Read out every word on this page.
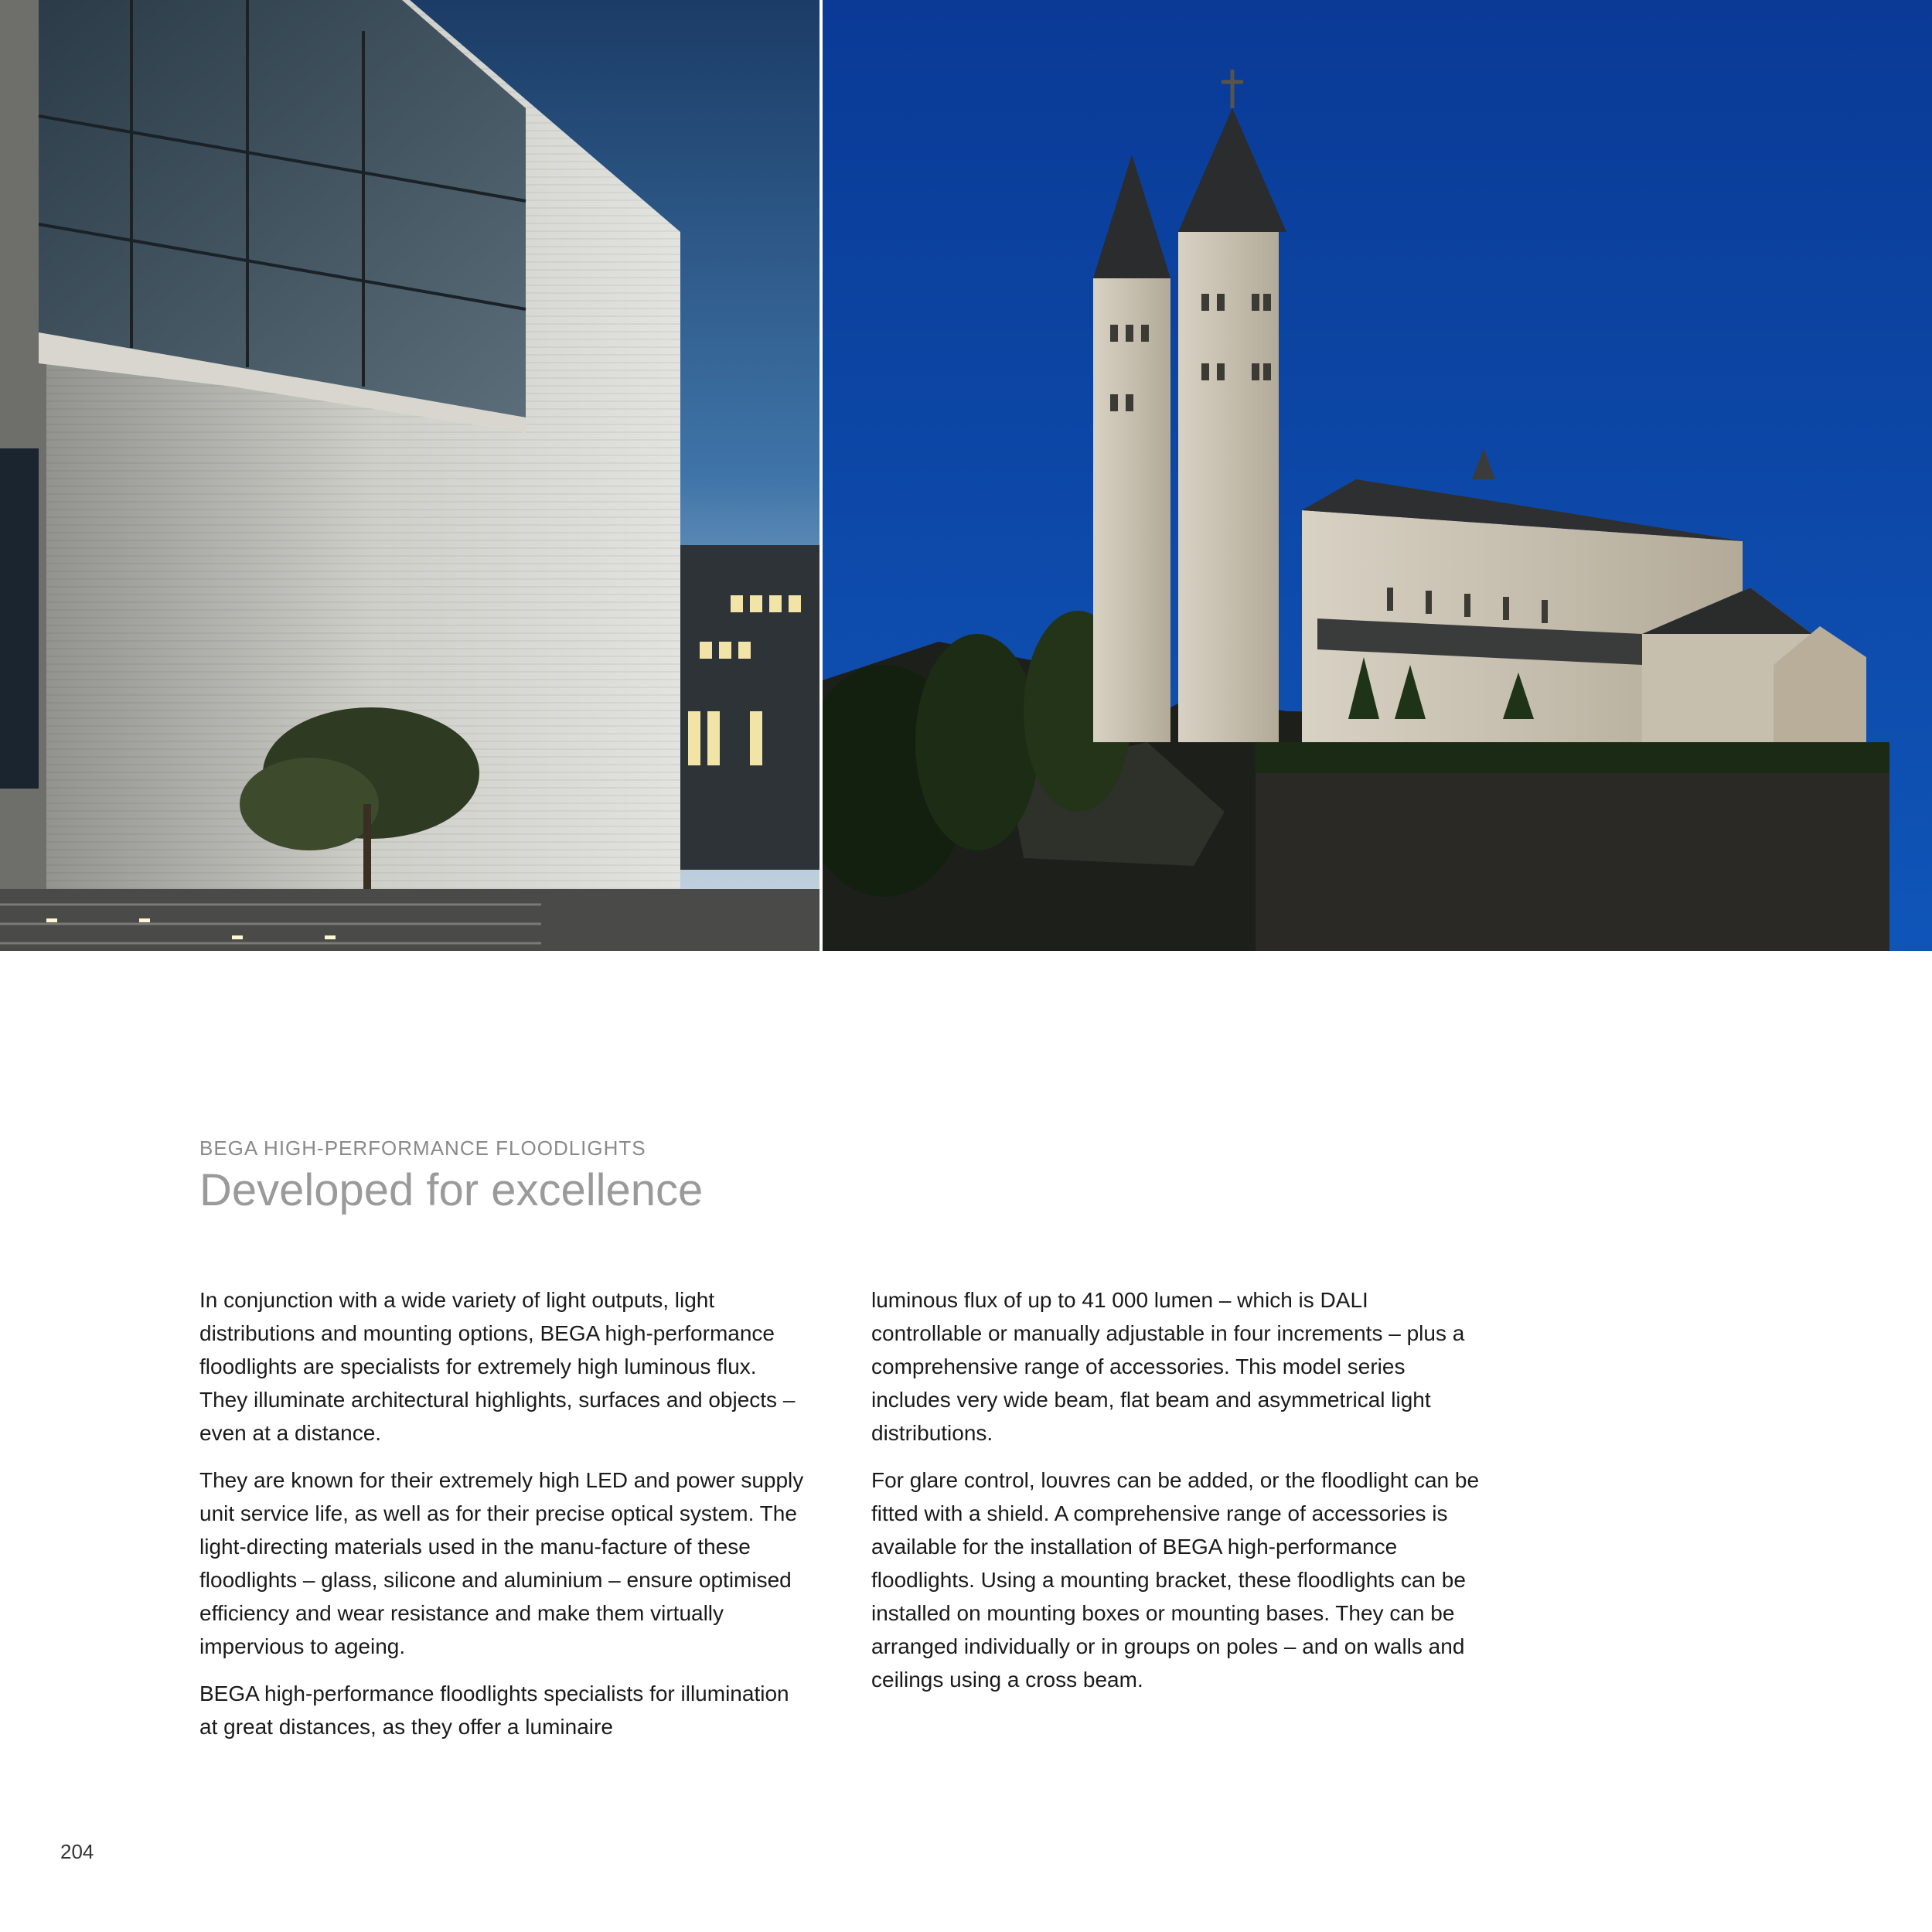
BEGA HIGH-PERFORMANCE FLOODLIGHTS
Developed for excellence

In conjunction with a wide variety of light outputs, light distributions and mounting options, BEGA high-performance floodlights are specialists for extremely high luminous flux. They illuminate architectural highlights, surfaces and objects – even at a distance.

They are known for their extremely high LED and power supply unit service life, as well as for their precise optical system. The light-directing materials used in the manu-facture of these floodlights – glass, silicone and aluminium – ensure optimised efficiency and wear resistance and make them virtually impervious to ageing.

BEGA high-performance floodlights specialists for illumination at great distances, as they offer a luminaire

luminous flux of up to 41 000 lumen – which is DALI controllable or manually adjustable in four increments – plus a comprehensive range of accessories. This model series includes very wide beam, flat beam and asymmetrical light distributions.

For glare control, louvres can be added, or the floodlight can be fitted with a shield. A comprehensive range of accessories is available for the installation of BEGA high-performance floodlights. Using a mounting bracket, these floodlights can be installed on mounting boxes or mounting bases. They can be arranged individually or in groups on poles – and on walls and ceilings using a cross beam.

204
